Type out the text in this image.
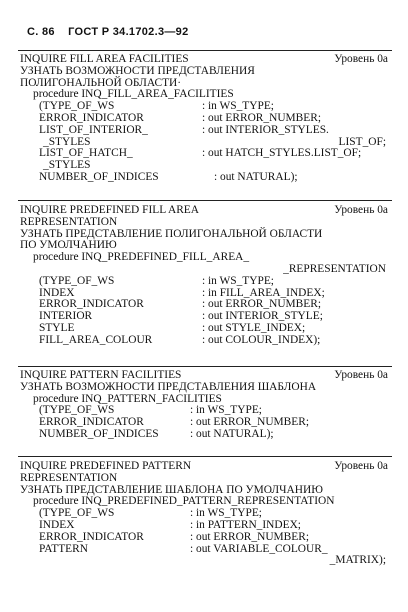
С. 86 ГОСТ Р 34.1702.3—92
Уровень 0а
INQUIRE FILL AREA FACILITIES
УЗНАТЬ ВОЗМОЖНОСТИ ПРЕДСТАВЛЕНИЯ
ПОЛИГОНАЛЬНОЙ ОБЛАСТИ·
procedure INQ_FILL_AREA_FACILITIES
(TYPE_OF_WS	: in WS_TYPE;
ERROR_INDICATOR	: out ERROR_NUMBER;
LIST_OF_INTERIOR_	: out INTERIOR_STYLES.
_STYLES	LIST_OF;
LIST_OF_HATCH_	: out HATCH_STYLES.LIST_OF;
_STYLES
NUMBER_OF_INDICES	: out NATURAL);
Уровень 0а
INQUIRE PREDEFINED FILL AREA
REPRESENTATION
УЗНАТЬ ПРЕДСТАВЛЕНИЕ ПОЛИГОНАЛЬНОЙ ОБЛАСТИ
ПО УМОЛЧАНИЮ
procedure INQ_PREDEFINED_FILL_AREA_
_REPRESENTATION
(TYPE_OF_WS	: in WS_TYPE;
INDEX	: in FILL_AREA_INDEX;
ERROR_INDICATOR	: out ERROR_NUMBER;
INTERIOR	: out INTERIOR_STYLE;
STYLE	: out STYLE_INDEX;
FILL_AREA_COLOUR	: out COLOUR_INDEX);
Уровень 0а
INQUIRE PATTERN FACILITIES
УЗНАТЬ ВОЗМОЖНОСТИ ПРЕДСТАВЛЕНИЯ ШАБЛОНА
procedure INQ_PATTERN_FACILITIES
(TYPE_OF_WS	: in WS_TYPE;
ERROR_INDICATOR	: out ERROR_NUMBER;
NUMBER_OF_INDICES	: out NATURAL);
Уровень 0а
INQUIRE PREDEFINED PATTERN
REPRESENTATION
УЗНАТЬ ПРЕДСТАВЛЕНИЕ ШАБЛОНА ПО УМОЛЧАНИЮ
procedure INQ_PREDEFINED_PATTERN_REPRESENTATION
(TYPE_OF_WS	: in WS_TYPE;
INDEX	: in PATTERN_INDEX;
ERROR_INDICATOR	: out ERROR_NUMBER;
PATTERN	: out VARIABLE_COLOUR_
_MATRIX);
